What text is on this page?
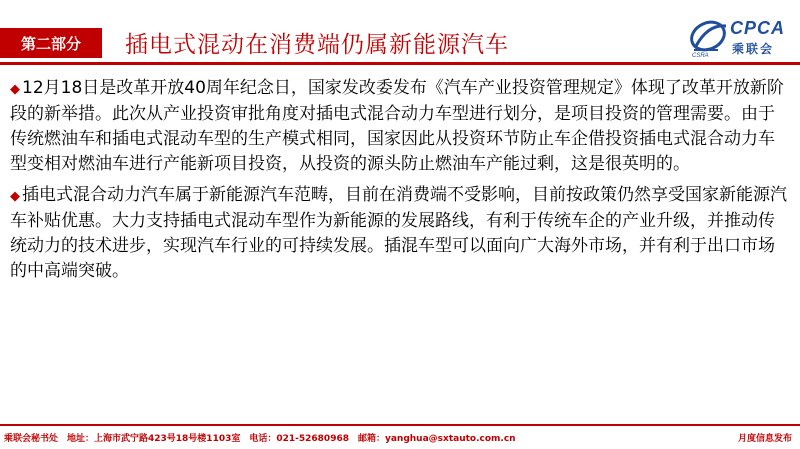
第二部分	插电式混动在消费端仍属新能源汽车	CSRA
CPCA
乘联会

◆ 12月18日是改革开放40周年纪念日，国家发改委发布《汽车产业投资管理规定》体现了改革开放新阶段的新举措。此次从产业投资审批角度对插电式混合动力车型进行划分，是项目投资的管理需要。由于传统燃油车和插电式混动车型的生产模式相同，国家因此从投资环节防止车企借投资插电式混合动力车型变相对燃油车进行产能新项目投资，从投资的源头防止燃油车产能过剩，这是很英明的。

◆ 插电式混合动力汽车属于新能源汽车范畴，目前在消费端不受影响，目前按政策仍然享受国家新能源汽车补贴优惠。大力支持插电式混动车型作为新能源的发展路线，有利于传统车企的产业升级，并推动传统动力的技术进步，实现汽车行业的可持续发展。插混车型可以面向广大海外市场，并有利于出口市场的中高端突破。

乘联会秘书处　地址：上海市武宁路423号18号楼1103室　电话：021-52680968　邮箱：yanghua@sxtauto.com.cn	月度信息发布
